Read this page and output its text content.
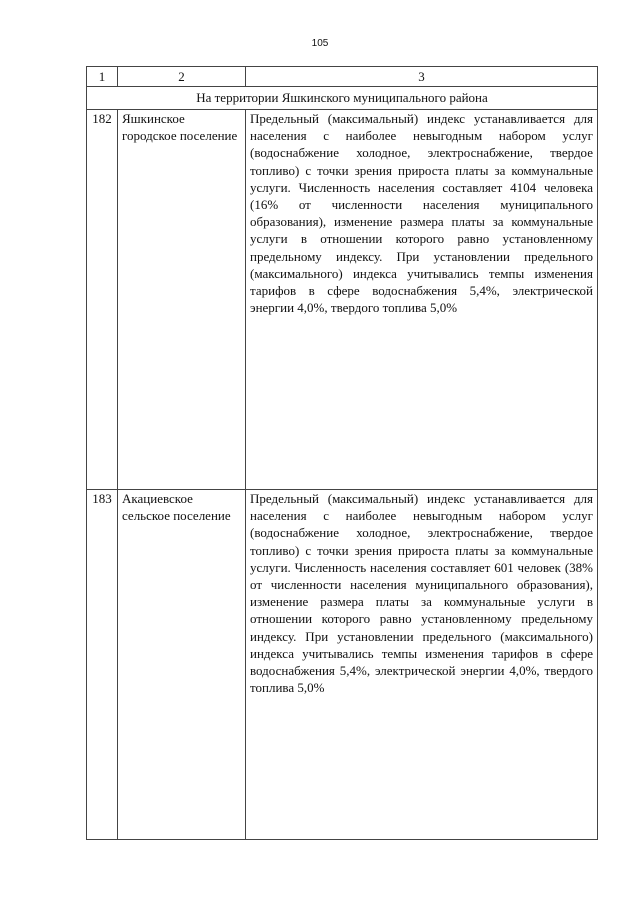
105
1	2	3
На территории Яшкинского муниципального района		
182	Яшкинское городское поселение	Предельный (максимальный) индекс устанавливается для населения с наиболее невыгодным набором услуг (водоснабжение холодное, электроснабжение, твердое топливо) с точки зрения прироста платы за коммунальные услуги. Численность населения составляет 4104 человека (16% от численности населения муниципального образования), изменение размера платы за коммунальные услуги в отношении которого равно установленному предельному индексу. При установлении предельного (максимального) индекса учитывались темпы изменения тарифов в сфере водоснабжения 5,4%, электрической энергии 4,0%, твердого топлива 5,0%

183	Акациевское сельское поселение	Предельный (максимальный) индекс устанавливается для населения с наиболее невыгодным набором услуг (водоснабжение холодное, электроснабжение, твердое топливо) с точки зрения прироста платы за коммунальные услуги. Численность населения составляет 601 человек (38% от численности населения муниципального образования), изменение размера платы за коммунальные услуги в отношении которого равно установленному предельному индексу. При установлении предельного (максимального) индекса учитывались темпы изменения тарифов в сфере водоснабжения 5,4%, электрической энергии 4,0%, твердого топлива 5,0%
